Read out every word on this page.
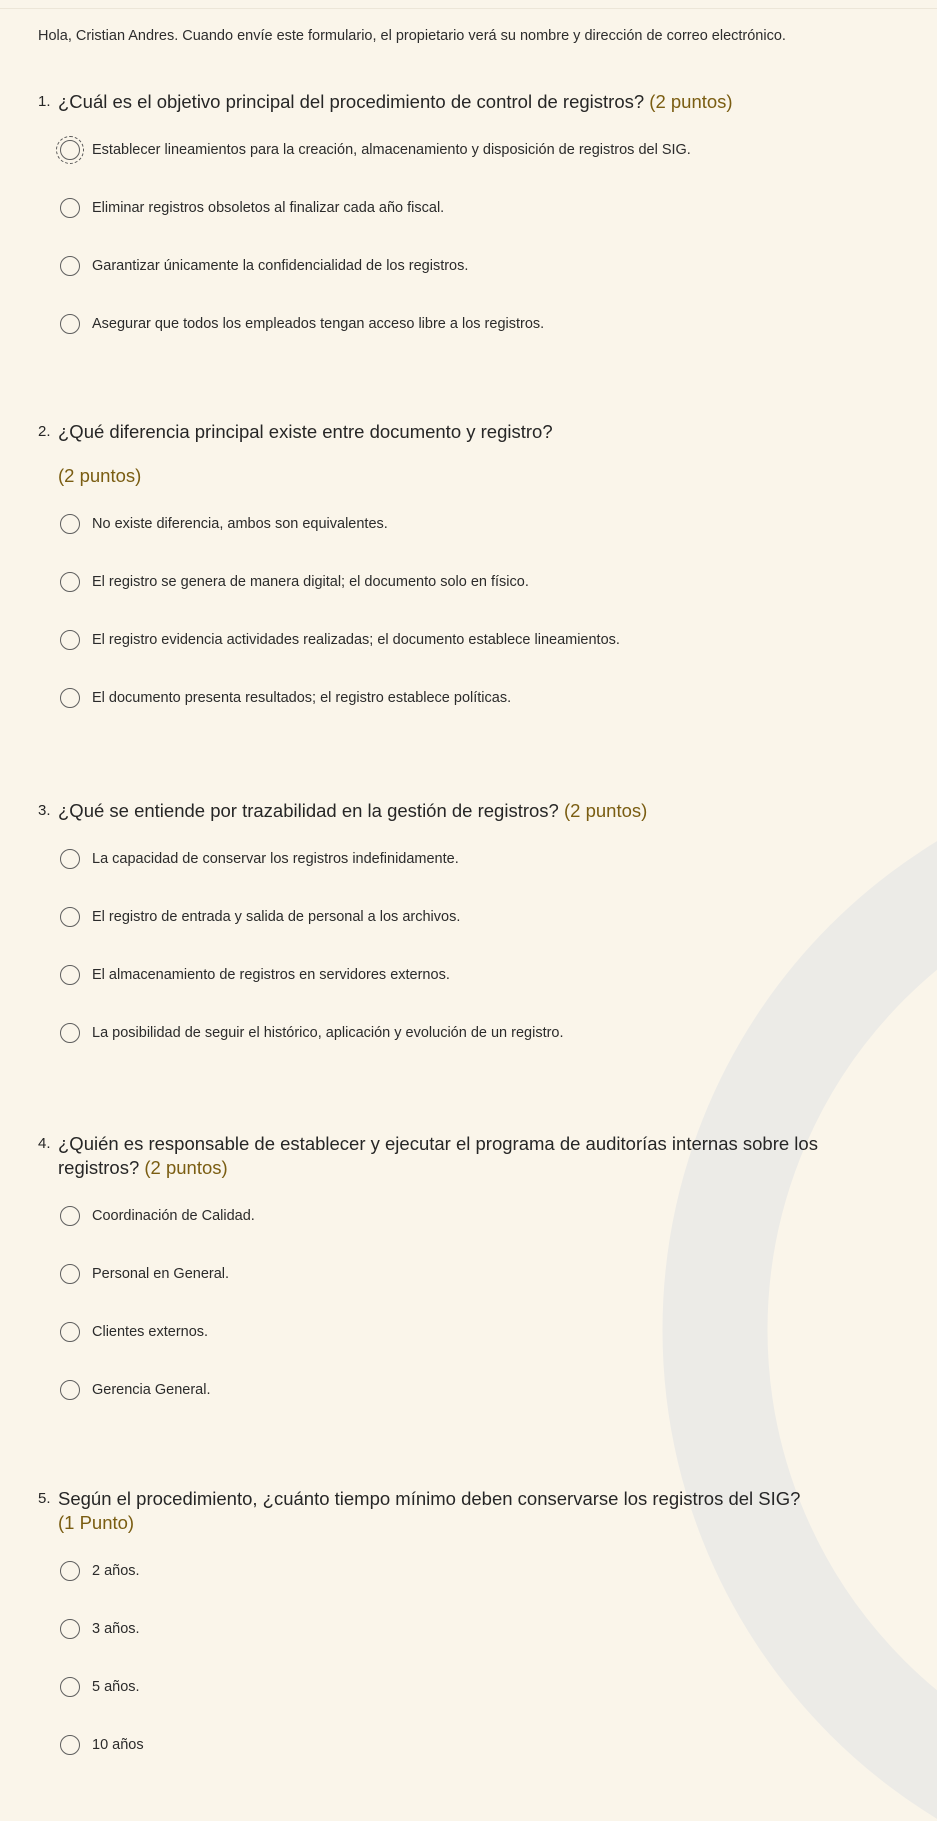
Hola, Cristian Andres. Cuando envíe este formulario, el propietario verá su nombre y dirección de correo electrónico.
1. ¿Cuál es el objetivo principal del procedimiento de control de registros? (2 puntos)
Establecer lineamientos para la creación, almacenamiento y disposición de registros del SIG.
Eliminar registros obsoletos al finalizar cada año fiscal.
Garantizar únicamente la confidencialidad de los registros.
Asegurar que todos los empleados tengan acceso libre a los registros.
2. ¿Qué diferencia principal existe entre documento y registro?
(2 puntos)
No existe diferencia, ambos son equivalentes.
El registro se genera de manera digital; el documento solo en físico.
El registro evidencia actividades realizadas; el documento establece lineamientos.
El documento presenta resultados; el registro establece políticas.
3. ¿Qué se entiende por trazabilidad en la gestión de registros? (2 puntos)
La capacidad de conservar los registros indefinidamente.
El registro de entrada y salida de personal a los archivos.
El almacenamiento de registros en servidores externos.
La posibilidad de seguir el histórico, aplicación y evolución de un registro.
4. ¿Quién es responsable de establecer y ejecutar el programa de auditorías internas sobre los registros? (2 puntos)
Coordinación de Calidad.
Personal en General.
Clientes externos.
Gerencia General.
5. Según el procedimiento, ¿cuánto tiempo mínimo deben conservarse los registros del SIG?
(1 Punto)
2 años.
3 años.
5 años.
10 años
